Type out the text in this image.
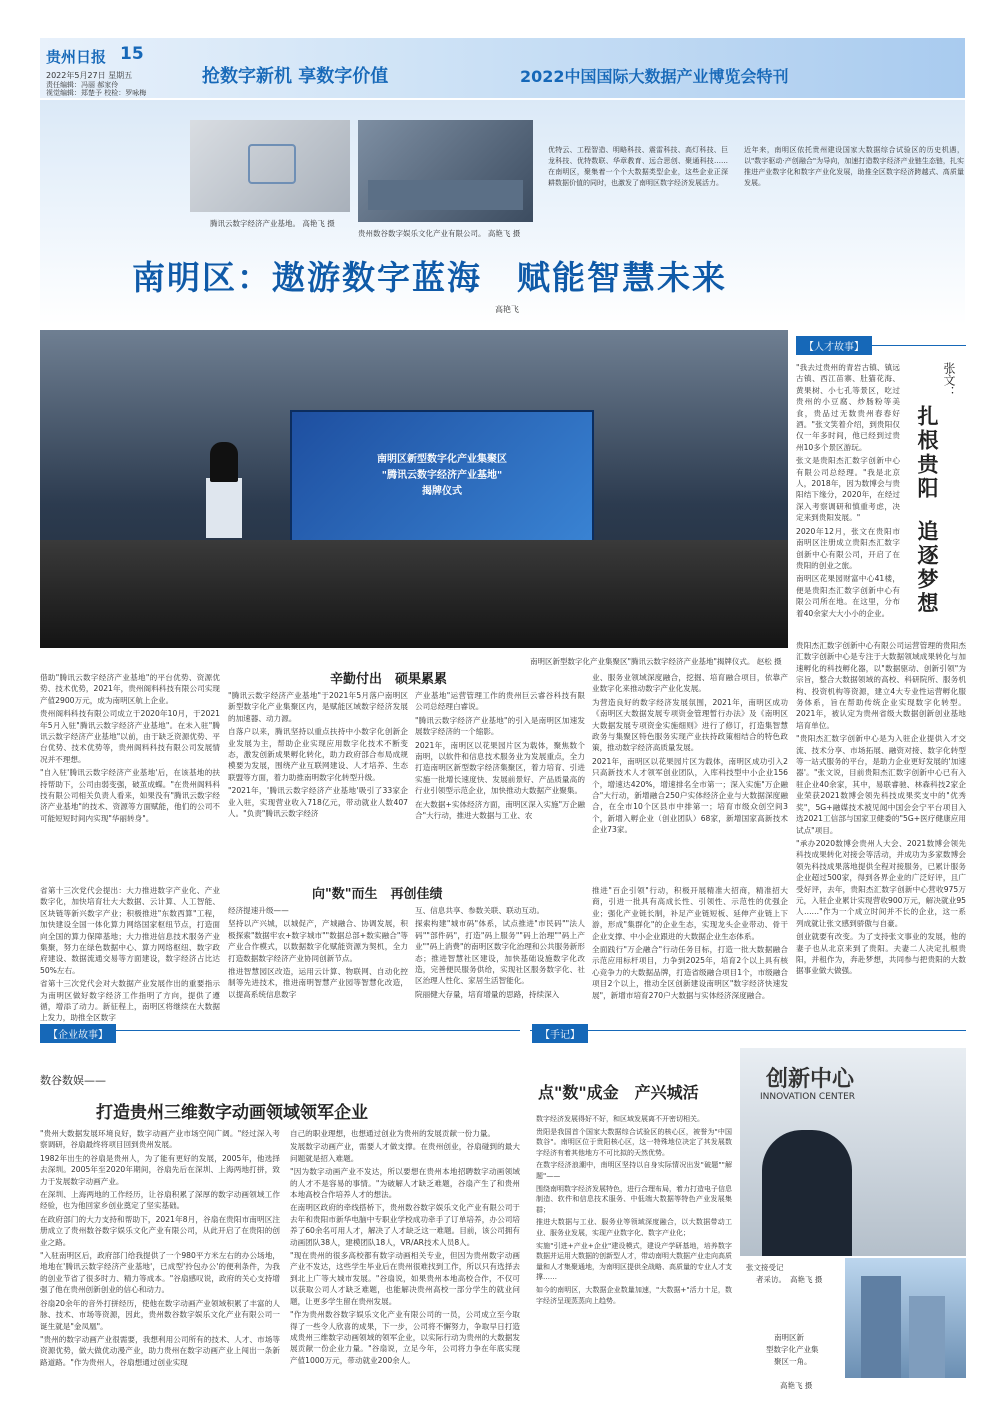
贵州日报 15
2022年5月27日 星期五
责任编辑：冯丽 郝家伶
视觉编辑：郑楚予 校检：罗咏梅
抢数字新机 享数字价值	2022中国国际大数据产业博览会特刊
腾讯云数字经济产业基地。 高艳飞 摄
贵州数谷数字娱乐文化产业有限公司。 高艳飞 摄
优特云、工程智造、明略科技、震雷科技、高灯科技、巨龙科技、优特数联、华章教育、远合思创、聚通科技……在南明区，聚集着一个个大数据类型企业，这些企业正深耕数据价值的同时，也激发了南明区数字经济发展活力。
近年来，南明区依托贵州建设国家大数据综合试验区的历史机遇，以"数字驱动·产创融合"为导向，加速打造数字经济产业链生态链，扎实推进产业数字化和数字产业化发展，助推全区数字经济跨越式、高质量发展。
南明区：遨游数字蓝海　赋能智慧未来
高艳飞
南明区新型数字化产业集聚区
"腾讯云数字经济产业基地"
揭牌仪式
南明区新型数字化产业集聚区"腾讯云数字经济产业基地"揭牌仪式。 赵松 摄
【人才故事】
张文：
扎根贵阳
追逐梦想

"我去过贵州的青岩古镇、镇远古镇、西江苗寨、肚猫花海、黄果树、小七孔等景区，吃过贵州的小豆腐、炒肠粉等美食，贵品过无数贵州春春好酒。"张文笑着介绍，到贵阳仅仅一年多时间，他已经到过贵州10多个景区游玩。

张文是贵阳杰汇数字创新中心有限公司总经理。"我是北京人，2018年，因为数博会与贵阳结下缘分，2020年，在经过深入考察调研和慎重考虑，决定来到贵阳发展。"

2020年12月，张文在贵阳市南明区注册成立贵阳杰汇数字创新中心有限公司，开启了在贵阳的创业之旅。

南明区花果园财富中心41楼，便是贵阳杰汇数字创新中心有限公司所在地。在这里，分布着40余家大大小小的企业。

贵阳杰汇数字创新中心有限公司运营管理的贵阳杰汇数字创新中心是专注于大数据领域成果转化与加速孵化的科技孵化器，以"数据驱动、创新引领"为宗旨，整合大数据领域的高校、科研院所、服务机构、投资机构等资源，建立4大专业性运营孵化服务体系，旨在帮助传统企业实现数字化转型。2021年，被认定为贵州省级大数据创新创业基地培育单位。

"贵阳杰汇数字创新中心是为入驻企业提供入才交流、技术分享、市场拓展、融资对接、数字化转型等一站式服务的平台，是助力企业更好发展的'加速器'。"张文说，目前贵阳杰汇数字创新中心已有入驻企业40余家，其中，易联睿驰、林森科技2家企业荣获2021数博会领先科技成果奖支中的"优秀奖"，5G+融媒技术被见闻中国会会宁平台项目入选2021工信部与国家卫健委的"5G+医疗健康应用试点"项目。

"承办2020数博会贵州人大会、2021数博会领先科技成果转化对接会等活动，并成功为多家数博会领先科技成果落地提供全程对接服务，已累计服务企业超过500家，得到各界企业的广泛好评，且广受好评，去年，贵阳杰汇数字创新中心营收975万元，入驻企业累计实现营收900万元，解决就业95人……"作为一个成立时间并不长的企业，这一系列成就让张文感到骄傲与自豪。

创业就要有改变。为了支持张文事业的发展，他的妻子也从北京来到了贵阳。夫妻二人决定扎根贵阳，并租作为，奔赴梦想，共同参与把贵阳的大数据事业做大做强。

辛勤付出　硕果累累

借助"腾讯云数字经济产业基地"的平台优势、资源优势、技术优势，2021年，贵州阁料科技有限公司实现产值2900万元，成为南明区航上企业。

贵州阁料科技有限公司成立于2020年10月，于2021年5月入驻"腾讯云数字经济产业基地"。在未入驻"腾讯云数字经济产业基地"以前，由于缺乏资源优势、平台优势、技术优势等，贵州阁料科技有限公司发展情况并不理想。

"自入驻'腾讯云数字经济产业基地'后，在该基地的扶持帮助下，公司由弱变强，破茧成蝶。"在贵州阁料科技有限公司相关负责人看来，如果没有"腾讯云数字经济产业基地"的技术、资源等方面赋能，他们的公司不可能短短时间内实现"华丽转身"。

"腾讯云数字经济产业基地"于2021年5月落户南明区新型数字化产业集聚区内，是赋能区域数字经济发展的加速器、动力源。

自落户以来，腾讯坚持以重点扶持中小数字化创新企业发展为主，帮助企业实现应用数字化技术不断变态，激发创新成果孵化转化，助力政府部合布局成规模要为发展，围绕产业互联网建设、人才培养、生态联盟等方面，着力助推南明数字化转型升级。

"2021年，'腾讯云数字经济产业基地'吸引了33家企业入驻，实现营业收入718亿元，带动就业人数407人。"负责"腾讯云数字经济

产业基地"运营管理工作的贵州巨云睿谷科技有限公司总经理白睿说。

"腾讯云数字经济产业基地"的引入是南明区加速发展数字经济的一个缩影。

2021年，南明区以花果园片区为载体，聚焦数个南明，以软件和信息技术服务业为发展重点，全力打造南明区新型数字经济集聚区，着力培育、引进实施一批增长速度快、发展前景好、产品质量高的行业引领型示范企业，加快推动大数据产业聚集。

在大数据+实体经济方面，南明区深入实施"万企融合"大行动，推进大数据与工业、农

业、服务业领域深度融合，挖掘、培育融合项目，依靠产业数字化来推动数字产业化发展。

为营造良好的数字经济发展氛围，2021年，南明区成功《南明区大数据发展专项资金管理暂行办法》及《南明区大数据发展专项资金实施细则》进行了修订，打造集智慧政务与集聚区特色服务实现产业扶持政策相结合的特色政策，推动数字经济高质量发展。

2021年，南明区以花果园片区为载体，南明区成功引入2只高新技术人才领军创业团队，入库科技型中小企业156个，增速达420%，增速排名全市第一；深入实施"万企融合"大行动，新增融合250户实体经济企业与大数据深度融合，在全市10个区县市中排第一；培育市级众创空间3个，新增入孵企业（创业团队）68家，新增国家高新技术企业73家。

向"数"而生　再创佳绩

省第十三次党代会提出：大力推进数字产业化、产业数字化，加快培育壮大大数据、云计算、人工智能、区块链等新兴数字产业；积极推进"东数西算"工程，加快建设全国一体化算力网络国家枢纽节点，打造面向全国的算力保障基地；大力推进信息技术服务产业集聚，努力在绿色数据中心、算力网络枢纽、数字政府建设、数据流通交易等方面建设，数字经济占比达50%左右。

省第十三次党代会对大数据产业发展作出的重要指示为南明区做好数字经济工作指明了方向，提供了遵循，增添了动力。新征程上，南明区将继续在大数据上发力，助推全区数字

经济提速升级——

坚持以产兴城，以城促产，产城融合、协调发展，积极探索"数据牢农+数字城市""数据总部+数实融合"等产业合作模式，以数据数字化赋能资源为契机，全力打造数据数字经济产业协同创新节点。

推进智慧园区改造，运用云计算、物联网、自动化控制等先进技术，推进南明智慧产业园等智慧化改造，以提高系统信息数字

互、信息共享、参数关联、联动互动。

探索构建"城市码"体系，试点推进"市民码""法人码""部件码"，打造"码上服务""码上治理""码上产业""码上消费"的南明区数字化治理和公共服务新形态；推进智慧社区建设，加快基础设施数字化改造，完善便民服务供给，实现社区服务数字化、社区治理人性化、家居生活智能化。

院丽健大存量，培育增量的思路，持续深入

推进"百企引领"行动，积极开展精准大招商，精准招大商，引进一批具有高成长性、引领性、示范性的优强企业；强化产业链长制，补足产业链短板、延伸产业链上下游，形成"集群化"的企业生态，实现龙头企业带动、骨干企业支撑、中小企业跟进的大数据企业生态体系。

全面践行"万企融合"行动任务目标，打造一批大数据融合示范应用标杆项目，力争到2025年，培育2个以上具有核心竞争力的大数据品牌，打造省级融合项目1个，市级融合项目2个以上，推动全区创新建设南明区"数字经济快速发展"，新增市培育270户大数据与实体经济深度融合。

【企业故事】
数谷数娱——
打造贵州三维数字动画领域领军企业

"贵州大数据发展环境良好，数字动画产业市场空间广阔。"经过深入考察调研，谷扇最终将项目回到贵州发展。

1982年出生的谷扇是贵州人，为了能有更好的发展，2005年，他选择去深圳。2005年至2020年期间，谷扇先后在深圳、上海两地打拼，致力于发展数字动画产业。

在深圳、上海两地的工作经历，让谷扇积累了深厚的数字动画领域工作经验，也为他回家乡创业奠定了坚实基础。

在政府部门的大力支持和帮助下，2021年8月，谷扇在贵阳市南明区注册成立了贵州数谷数字娱乐文化产业有限公司，从此开启了在贵阳的创业之路。

"入驻南明区后，政府部门给我提供了一个980平方米左右的办公场地，地地在'腾讯云数字经济产业基地'，已成型'拎包办公'的便利条件，为我的创业节省了很多时力、精力等成本。"谷扇感叹说，政府的关心支持增强了他在贵州创新创业的信心和动力。

谷扇20余年的音外打拼经历，使他在数字动画产业领域积累了丰富的人脉、技术、市场等资源，因此，贵州数谷数字娱乐文化产业有限公司一诞生就是"金凤凰"。

"贵州的数字动画产业很需要，我想利用公司所有的技术、人才、市场等资源优势，做大做优动漫产业，助力贵州在数字动画产业上闯出一条新路道路。"作为贵州人，谷扇想通过创业实现

自己的职业理想，也想通过创业为贵州的发展贡献一份力量。

发展数字动画产业，需要人才做支撑。在贵州创业，谷扇碰到的最大问题就是招入难题。

"因为数字动画产业不发达，所以要想在贵州本地招聘数字动画领域的人才不是容易的事情。"为破解人才缺乏难题，谷扇产生了和贵州本地高校合作培养人才的想法。

在南明区政府的牵线搭桥下，贵州数谷数字娱乐文化产业有限公司于去年和贵阳市新华电脑中专职业学校成功牵手了订单培养，办公司培养了60余名可用人才，解决了人才缺乏这一难题。目前，该公司拥有动画团队38人，建模团队18人，VR/AR技术人员8人。

"现在贵州的很多高校都有数字动画相关专业，但因为贵州数字动画产业不发达，这些学生毕业后在贵州很难找到工作，所以只有选择去到北上广等大城市发展。"谷扇说，如果贵州本地高校合作，不仅可以获取公司人才缺乏难题，也能解决贵州高校一部分学生的就业问题，让更多学生留在贵州发展。

"作为贵州数谷数字娱乐文化产业有限公司的一员，公司成立至今取得了一些令人欣喜的成果，下一步，公司将不懈努力，争取早日打造成贵州三维数字动画领域的领军企业，以实际行动为贵州的大数据发展贡献一份企业力量。"谷扇说，立足今年，公司将力争在年底实现产值1000万元，带动就业200余人。

【手记】
点"数"成金　产兴城活

数字经济发展得好不好，和区域发展离不开密切相关。

贵阳是我国首个国家大数据综合试验区的核心区，被誉为"中国数谷"。南明区位于贵阳核心区，这一特殊地位决定了其发展数字经济有着其他地方不可比拟的天然优势。

在数字经济浪潮中，南明区坚持以自身实际情况出发"破题""解题"——

围绕南明数字经济发展特色，进行合理布局，着力打造电子信息制造、软件和信息技术服务、中低端大数据等特色产业发展集群；

推进大数据与工业、服务业等领域深度融合，以大数据带动工业、服务业发展，实现产业数字化、数字产业化；

实施"引进+产业+企业"建设模式，建设产学研基地，培养数字数据并运用大数据的创新型人才，带动南明大数据产业走向高质量和人才集聚通地，为南明区提供全战略、高质量的专业人才支撑……

如今的南明区，大数据企业数量加速，"大数据+"活力十足，数字经济呈现蒸蒸向上趋势。

创新中心
INNOVATION CENTER
张文接受记
者采访。 高艳飞 摄
南明区新
型数字化产业集
聚区一角。
高艳飞 摄
